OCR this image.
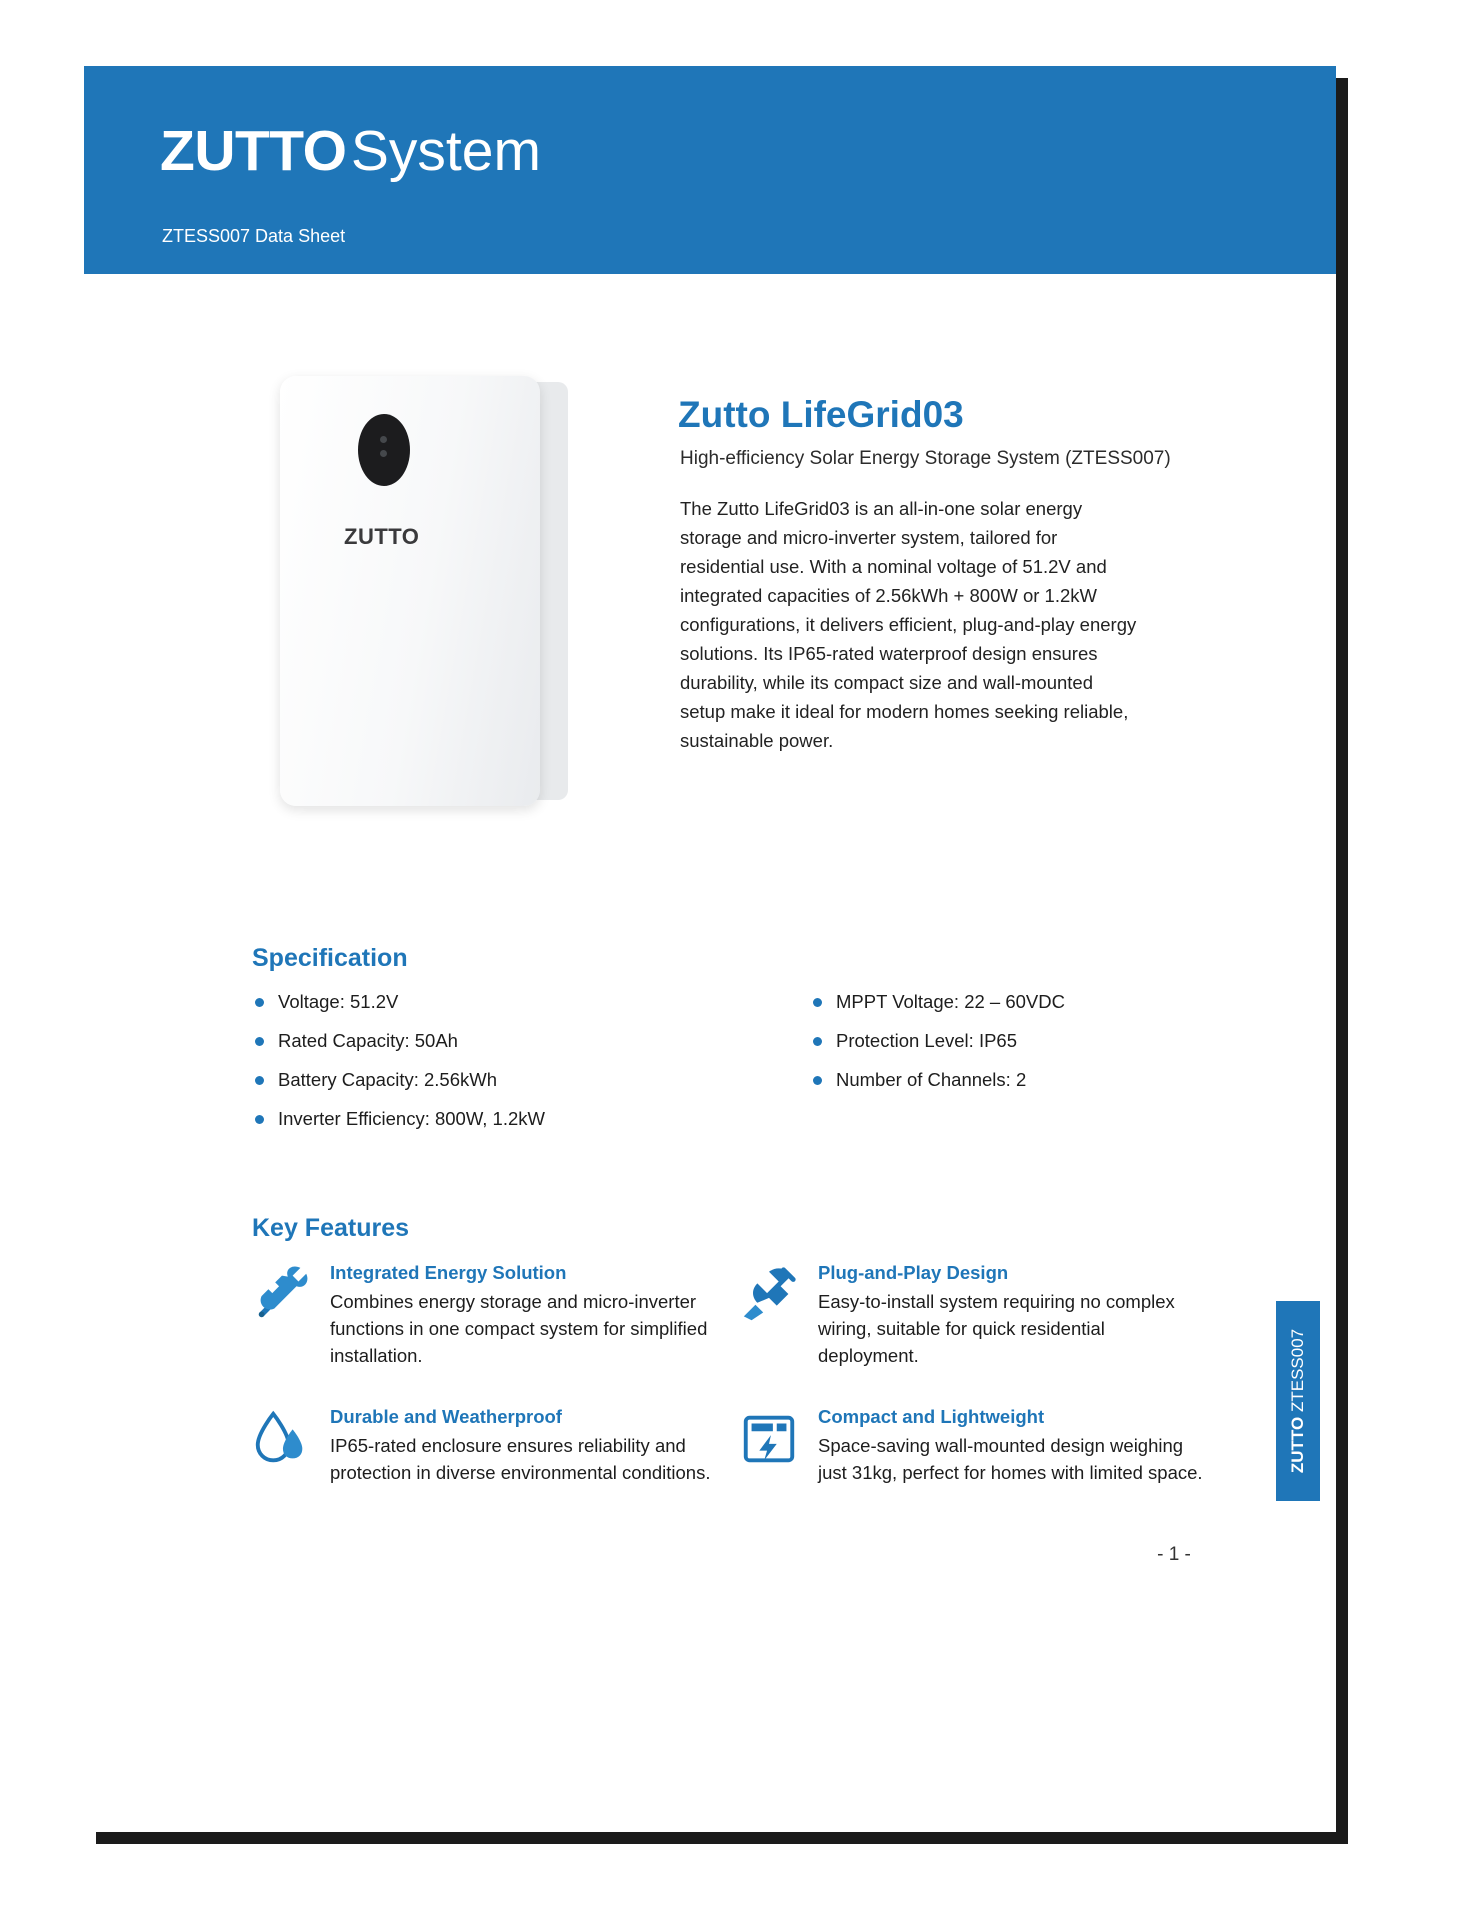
ZUTTO System
ZTESS007 Data Sheet
ZUTTO
Zutto LifeGrid03
High-efficiency Solar Energy Storage System (ZTESS007)
The Zutto LifeGrid03 is an all-in-one solar energy storage and micro-inverter system, tailored for residential use. With a nominal voltage of 51.2V and integrated capacities of 2.56kWh + 800W or 1.2kW configurations, it delivers efficient, plug-and-play energy solutions. Its IP65-rated waterproof design ensures durability, while its compact size and wall-mounted setup make it ideal for modern homes seeking reliable, sustainable power.
Specification
Voltage: 51.2V
Rated Capacity: 50Ah
Battery Capacity: 2.56kWh
Inverter Efficiency: 800W, 1.2kW
MPPT Voltage: 22 – 60VDC
Protection Level: IP65
Number of Channels: 2
Key Features
Integrated Energy Solution
Combines energy storage and micro-inverter functions in one compact system for simplified installation.
Plug-and-Play Design
Easy-to-install system requiring no complex wiring, suitable for quick residential deployment.
Durable and Weatherproof
IP65-rated enclosure ensures reliability and protection in diverse environmental conditions.
Compact and Lightweight
Space-saving wall-mounted design weighing just 31kg, perfect for homes with limited space.	ZUTTO ZTESS007
- 1 -
